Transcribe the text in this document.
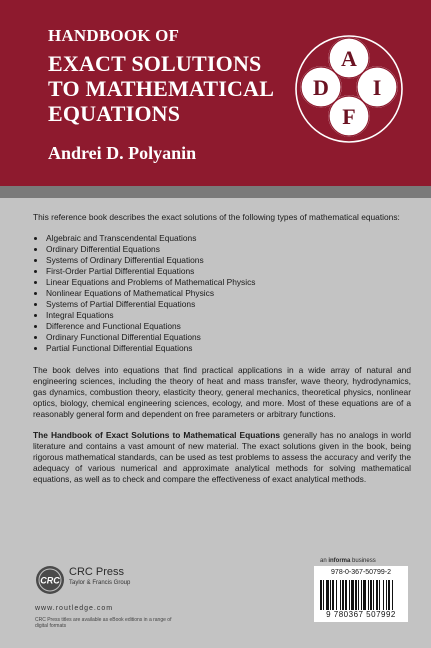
HANDBOOK OF
EXACT SOLUTIONS
TO MATHEMATICAL
EQUATIONS
Andrei D. Polyanin
A
D I
F

This reference book describes the exact solutions of the following types of mathematical equations:

Algebraic and Transcendental Equations
Ordinary Differential Equations
Systems of Ordinary Differential Equations
First-Order Partial Differential Equations
Linear Equations and Problems of Mathematical Physics
Nonlinear Equations of Mathematical Physics
Systems of Partial Differential Equations
Integral Equations
Difference and Functional Equations
Ordinary Functional Differential Equations
Partial Functional Differential Equations

The book delves into equations that find practical applications in a wide array of natural and engineering sciences, including the theory of heat and mass transfer, wave theory, hydrodynamics, gas dynamics, combustion theory, elasticity theory, general mechanics, theoretical physics, nonlinear optics, biology, chemical engineering sciences, ecology, and more. Most of these equations are of a reasonably general form and dependent on free parameters or arbitrary functions.

The Handbook of Exact Solutions to Mathematical Equations generally has no analogs in world literature and contains a vast amount of new material. The exact solutions given in the book, being rigorous mathematical standards, can be used as test problems to assess the accuracy and verify the adequacy of various numerical and approximate analytical methods for solving mathematical equations, as well as to check and compare the effectiveness of exact analytical methods.

CRC
CRC Press
Taylor & Francis Group
www.routledge.com
CRC Press titles are available as eBook editions in a range of digital formats
an informa business
978-0-367-50799-2
9 780367 507992
